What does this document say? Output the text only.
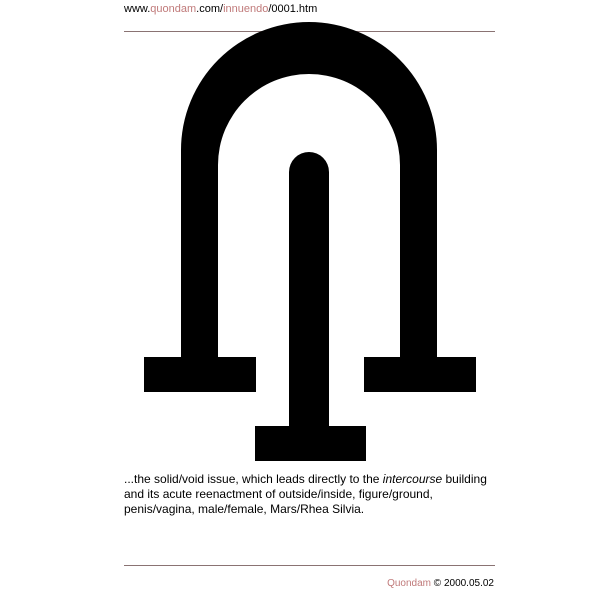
www.quondam.com/innuendo/0001.htm
...the solid/void issue, which leads directly to the intercourse building and its acute reenactment of outside/inside, figure/ground, penis/vagina, male/female, Mars/Rhea Silvia.
Quondam © 2000.05.02
